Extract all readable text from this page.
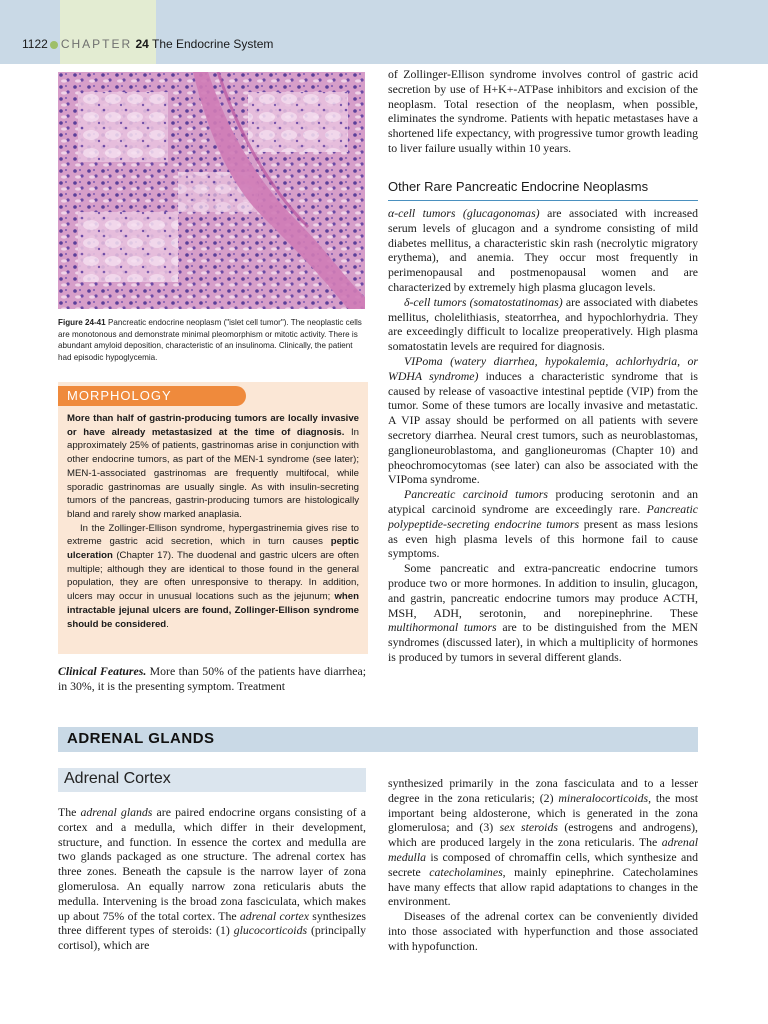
1122 CHAPTER 24 The Endocrine System
Figure 24-41 Pancreatic endocrine neoplasm ("islet cell tumor"). The neoplastic cells are monotonous and demonstrate minimal pleomorphism or mitotic activity. There is abundant amyloid deposition, characteristic of an insulinoma. Clinically, the patient had episodic hypoglycemia.
MORPHOLOGY

More than half of gastrin-producing tumors are locally invasive or have already metastasized at the time of diagnosis. In approximately 25% of patients, gastrinomas arise in conjunction with other endocrine tumors, as part of the MEN-1 syndrome (see later); MEN-1-associated gastrinomas are frequently multifocal, while sporadic gastrinomas are usually single. As with insulin-secreting tumors of the pancreas, gastrin-producing tumors are histologically bland and rarely show marked anaplasia.

In the Zollinger-Ellison syndrome, hypergastrinemia gives rise to extreme gastric acid secretion, which in turn causes peptic ulceration (Chapter 17). The duodenal and gastric ulcers are often multiple; although they are identical to those found in the general population, they are often unresponsive to therapy. In addition, ulcers may occur in unusual locations such as the jejunum; when intractable jejunal ulcers are found, Zollinger-Ellison syndrome should be considered.

Clinical Features. More than 50% of the patients have diarrhea; in 30%, it is the presenting symptom. Treatment

of Zollinger-Ellison syndrome involves control of gastric acid secretion by use of H+K+-ATPase inhibitors and excision of the neoplasm. Total resection of the neoplasm, when possible, eliminates the syndrome. Patients with hepatic metastases have a shortened life expectancy, with progressive tumor growth leading to liver failure usually within 10 years.

Other Rare Pancreatic Endocrine Neoplasms

α-cell tumors (glucagonomas) are associated with increased serum levels of glucagon and a syndrome consisting of mild diabetes mellitus, a characteristic skin rash (necrolytic migratory erythema), and anemia. They occur most frequently in perimenopausal and postmenopausal women and are characterized by extremely high plasma glucagon levels.

δ-cell tumors (somatostatinomas) are associated with diabetes mellitus, cholelithiasis, steatorrhea, and hypochlorhydria. They are exceedingly difficult to localize preoperatively. High plasma somatostatin levels are required for diagnosis.

VIPoma (watery diarrhea, hypokalemia, achlorhydria, or WDHA syndrome) induces a characteristic syndrome that is caused by release of vasoactive intestinal peptide (VIP) from the tumor. Some of these tumors are locally invasive and metastatic. A VIP assay should be performed on all patients with severe secretory diarrhea. Neural crest tumors, such as neuroblastomas, ganglioneuroblastoma, and ganglioneuromas (Chapter 10) and pheochromocytomas (see later) can also be associated with the VIPoma syndrome.

Pancreatic carcinoid tumors producing serotonin and an atypical carcinoid syndrome are exceedingly rare. Pancreatic polypeptide-secreting endocrine tumors present as mass lesions as even high plasma levels of this hormone fail to cause symptoms.

Some pancreatic and extra-pancreatic endocrine tumors produce two or more hormones. In addition to insulin, glucagon, and gastrin, pancreatic endocrine tumors may produce ACTH, MSH, ADH, serotonin, and norepinephrine. These multihormonal tumors are to be distinguished from the MEN syndromes (discussed later), in which a multiplicity of hormones is produced by tumors in several different glands.

ADRENAL GLANDS
Adrenal Cortex

The adrenal glands are paired endocrine organs consisting of a cortex and a medulla, which differ in their development, structure, and function. In essence the cortex and medulla are two glands packaged as one structure. The adrenal cortex has three zones. Beneath the capsule is the narrow layer of zona glomerulosa. An equally narrow zona reticularis abuts the medulla. Intervening is the broad zona fasciculata, which makes up about 75% of the total cortex. The adrenal cortex synthesizes three different types of steroids: (1) glucocorticoids (principally cortisol), which are

synthesized primarily in the zona fasciculata and to a lesser degree in the zona reticularis; (2) mineralocorticoids, the most important being aldosterone, which is generated in the zona glomerulosa; and (3) sex steroids (estrogens and androgens), which are produced largely in the zona reticularis. The adrenal medulla is composed of chromaffin cells, which synthesize and secrete catecholamines, mainly epinephrine. Catecholamines have many effects that allow rapid adaptations to changes in the environment.

Diseases of the adrenal cortex can be conveniently divided into those associated with hyperfunction and those associated with hypofunction.
